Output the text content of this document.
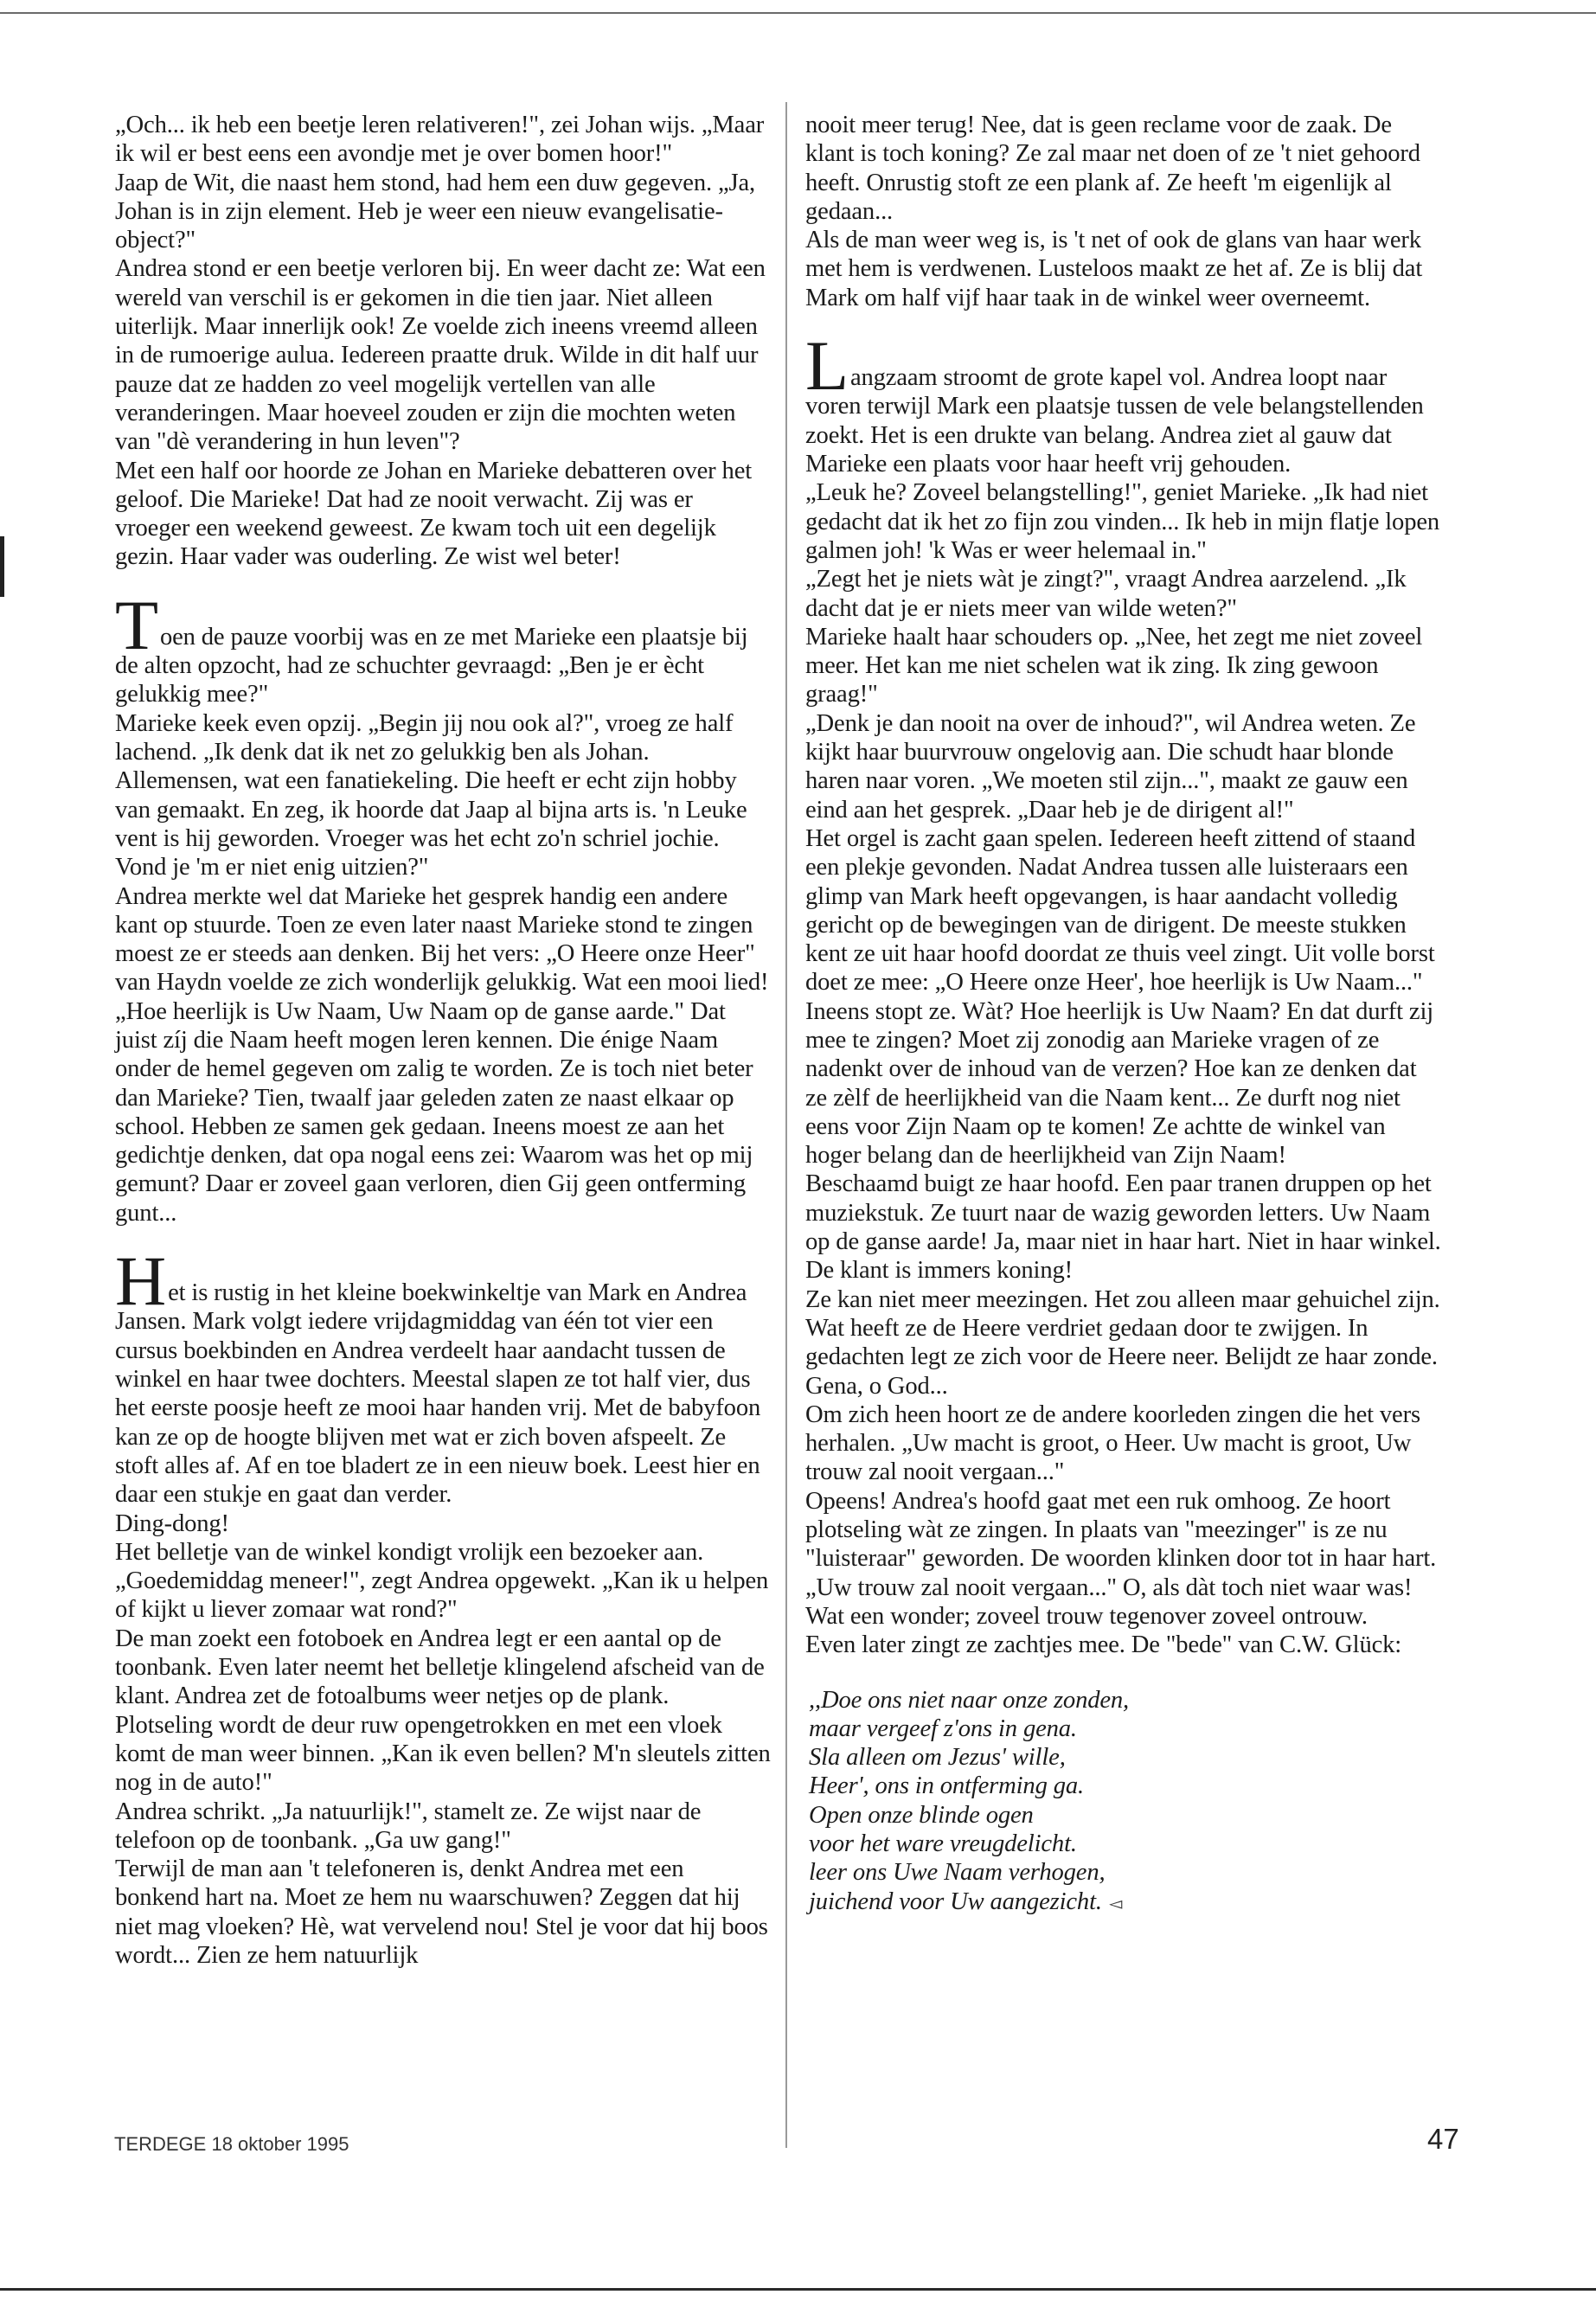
„Och... ik heb een beetje leren relativeren!", zei Johan wijs. „Maar ik wil er best eens een avondje met je over bomen hoor!"

Jaap de Wit, die naast hem stond, had hem een duw gegeven. „Ja, Johan is in zijn element. Heb je weer een nieuw evangelisatie-object?"

Andrea stond er een beetje verloren bij. En weer dacht ze: Wat een wereld van verschil is er gekomen in die tien jaar. Niet alleen uiterlijk. Maar innerlijk ook! Ze voelde zich ineens vreemd alleen in de rumoerige aulua. Iedereen praatte druk. Wilde in dit half uur pauze dat ze hadden zo veel mogelijk vertellen van alle veranderingen. Maar hoeveel zouden er zijn die mochten weten van "dè verandering in hun leven"?

Met een half oor hoorde ze Johan en Marieke debatteren over het geloof. Die Marieke! Dat had ze nooit verwacht. Zij was er vroeger een weekend geweest. Ze kwam toch uit een degelijk gezin. Haar vader was ouderling. Ze wist wel beter!

Toen de pauze voorbij was en ze met Marieke een plaatsje bij de alten opzocht, had ze schuchter gevraagd: „Ben je er ècht gelukkig mee?"

Marieke keek even opzij. „Begin jij nou ook al?", vroeg ze half lachend. „Ik denk dat ik net zo gelukkig ben als Johan. Allemensen, wat een fanatiekeling. Die heeft er echt zijn hobby van gemaakt. En zeg, ik hoorde dat Jaap al bijna arts is. 'n Leuke vent is hij geworden. Vroeger was het echt zo'n schriel jochie. Vond je 'm er niet enig uitzien?"

Andrea merkte wel dat Marieke het gesprek handig een andere kant op stuurde. Toen ze even later naast Marieke stond te zingen moest ze er steeds aan denken. Bij het vers: „O Heere onze Heer" van Haydn voelde ze zich wonderlijk gelukkig. Wat een mooi lied! „Hoe heerlijk is Uw Naam, Uw Naam op de ganse aarde." Dat juist zíj die Naam heeft mogen leren kennen. Die énige Naam onder de hemel gegeven om zalig te worden. Ze is toch niet beter dan Marieke? Tien, twaalf jaar geleden zaten ze naast elkaar op school. Hebben ze samen gek gedaan. Ineens moest ze aan het gedichtje denken, dat opa nogal eens zei: Waarom was het op mij gemunt? Daar er zoveel gaan verloren, dien Gij geen ontferming gunt...

Het is rustig in het kleine boekwinkeltje van Mark en Andrea Jansen. Mark volgt iedere vrijdagmiddag van één tot vier een cursus boekbinden en Andrea verdeelt haar aandacht tussen de winkel en haar twee dochters. Meestal slapen ze tot half vier, dus het eerste poosje heeft ze mooi haar handen vrij. Met de babyfoon kan ze op de hoogte blijven met wat er zich boven afspeelt. Ze stoft alles af. Af en toe bladert ze in een nieuw boek. Leest hier en daar een stukje en gaat dan verder.

Ding-dong!

Het belletje van de winkel kondigt vrolijk een bezoeker aan. „Goedemiddag meneer!", zegt Andrea opgewekt. „Kan ik u helpen of kijkt u liever zomaar wat rond?"

De man zoekt een fotoboek en Andrea legt er een aantal op de toonbank. Even later neemt het belletje klingelend afscheid van de klant. Andrea zet de fotoalbums weer netjes op de plank. Plotseling wordt de deur ruw opengetrokken en met een vloek komt de man weer binnen. „Kan ik even bellen? M'n sleutels zitten nog in de auto!"

Andrea schrikt. „Ja natuurlijk!", stamelt ze. Ze wijst naar de telefoon op de toonbank. „Ga uw gang!"

Terwijl de man aan 't telefoneren is, denkt Andrea met een bonkend hart na. Moet ze hem nu waarschuwen? Zeggen dat hij niet mag vloeken? Hè, wat vervelend nou! Stel je voor dat hij boos wordt... Zien ze hem natuurlijk

nooit meer terug! Nee, dat is geen reclame voor de zaak. De klant is toch koning? Ze zal maar net doen of ze 't niet gehoord heeft. Onrustig stoft ze een plank af. Ze heeft 'm eigenlijk al gedaan...

Als de man weer weg is, is 't net of ook de glans van haar werk met hem is verdwenen. Lusteloos maakt ze het af. Ze is blij dat Mark om half vijf haar taak in de winkel weer overneemt.

Langzaam stroomt de grote kapel vol. Andrea loopt naar voren terwijl Mark een plaatsje tussen de vele belangstellenden zoekt. Het is een drukte van belang. Andrea ziet al gauw dat Marieke een plaats voor haar heeft vrij gehouden.

„Leuk he? Zoveel belangstelling!", geniet Marieke. „Ik had niet gedacht dat ik het zo fijn zou vinden... Ik heb in mijn flatje lopen galmen joh! 'k Was er weer helemaal in."

„Zegt het je niets wàt je zingt?", vraagt Andrea aarzelend. „Ik dacht dat je er niets meer van wilde weten?"

Marieke haalt haar schouders op. „Nee, het zegt me niet zoveel meer. Het kan me niet schelen wat ik zing. Ik zing gewoon graag!"

„Denk je dan nooit na over de inhoud?", wil Andrea weten. Ze kijkt haar buurvrouw ongelovig aan. Die schudt haar blonde haren naar voren. „We moeten stil zijn...", maakt ze gauw een eind aan het gesprek. „Daar heb je de dirigent al!"

Het orgel is zacht gaan spelen. Iedereen heeft zittend of staand een plekje gevonden. Nadat Andrea tussen alle luisteraars een glimp van Mark heeft opgevangen, is haar aandacht volledig gericht op de bewegingen van de dirigent. De meeste stukken kent ze uit haar hoofd doordat ze thuis veel zingt. Uit volle borst doet ze mee: „O Heere onze Heer', hoe heerlijk is Uw Naam..." Ineens stopt ze. Wàt? Hoe heerlijk is Uw Naam? En dat durft zij mee te zingen? Moet zij zonodig aan Marieke vragen of ze nadenkt over de inhoud van de verzen? Hoe kan ze denken dat ze zèlf de heerlijkheid van die Naam kent... Ze durft nog niet eens voor Zijn Naam op te komen! Ze achtte de winkel van hoger belang dan de heerlijkheid van Zijn Naam!

Beschaamd buigt ze haar hoofd. Een paar tranen druppen op het muziekstuk. Ze tuurt naar de wazig geworden letters. Uw Naam op de ganse aarde! Ja, maar niet in haar hart. Niet in haar winkel. De klant is immers koning!

Ze kan niet meer meezingen. Het zou alleen maar gehuichel zijn. Wat heeft ze de Heere verdriet gedaan door te zwijgen. In gedachten legt ze zich voor de Heere neer. Belijdt ze haar zonde. Gena, o God...

Om zich heen hoort ze de andere koorleden zingen die het vers herhalen. „Uw macht is groot, o Heer. Uw macht is groot, Uw trouw zal nooit vergaan..."

Opeens! Andrea's hoofd gaat met een ruk omhoog. Ze hoort plotseling wàt ze zingen. In plaats van "meezinger" is ze nu "luisteraar" geworden. De woorden klinken door tot in haar hart.

„Uw trouw zal nooit vergaan..." O, als dàt toch niet waar was! Wat een wonder; zoveel trouw tegenover zoveel ontrouw.

Even later zingt ze zachtjes mee. De "bede" van C.W. Glück:

,,Doe ons niet naar onze zonden,
maar vergeef z'ons in gena.
Sla alleen om Jezus' wille,
Heer', ons in ontferming ga.
Open onze blinde ogen
voor het ware vreugdelicht.
leer ons Uwe Naam verhogen,
juichend voor Uw aangezicht. ◅
TERDEGE 18 oktober 1995	47
